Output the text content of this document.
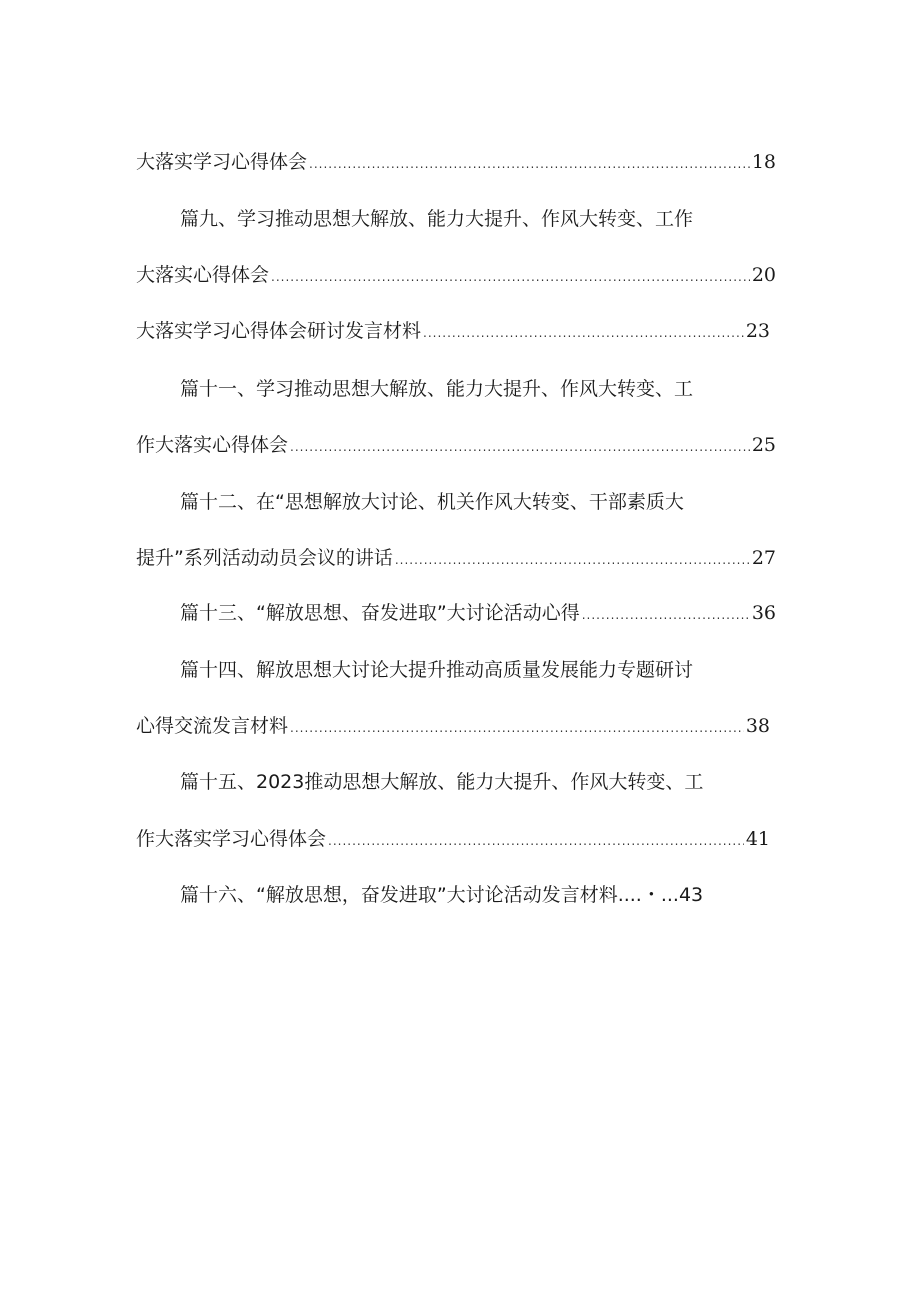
大落实学习心得体会 .....	18
篇九、学习推动思想大解放、能力大提升、作风大转变、工作
大落实心得体会 .....	20
大落实学习心得体会研讨发言材料 .....	23
篇十一、学习推动思想大解放、能力大提升、作风大转变、工
作大落实心得体会 .....	25
篇十二、在“思想解放大讨论、机关作风大转变、干部素质大
提升”系列活动动员会议的讲话 .....	27
篇十三、“解放思想、奋发进取”大讨论活动心得 .....	36
篇十四、解放思想大讨论大提升推动高质量发展能力专题研讨
心得交流发言材料 .....	38
篇十五、2023推动思想大解放、能力大提升、作风大转变、工
作大落实学习心得体会 .....	41
篇十六、“解放思想，奋发进取”大讨论活动发言材料....・...43
